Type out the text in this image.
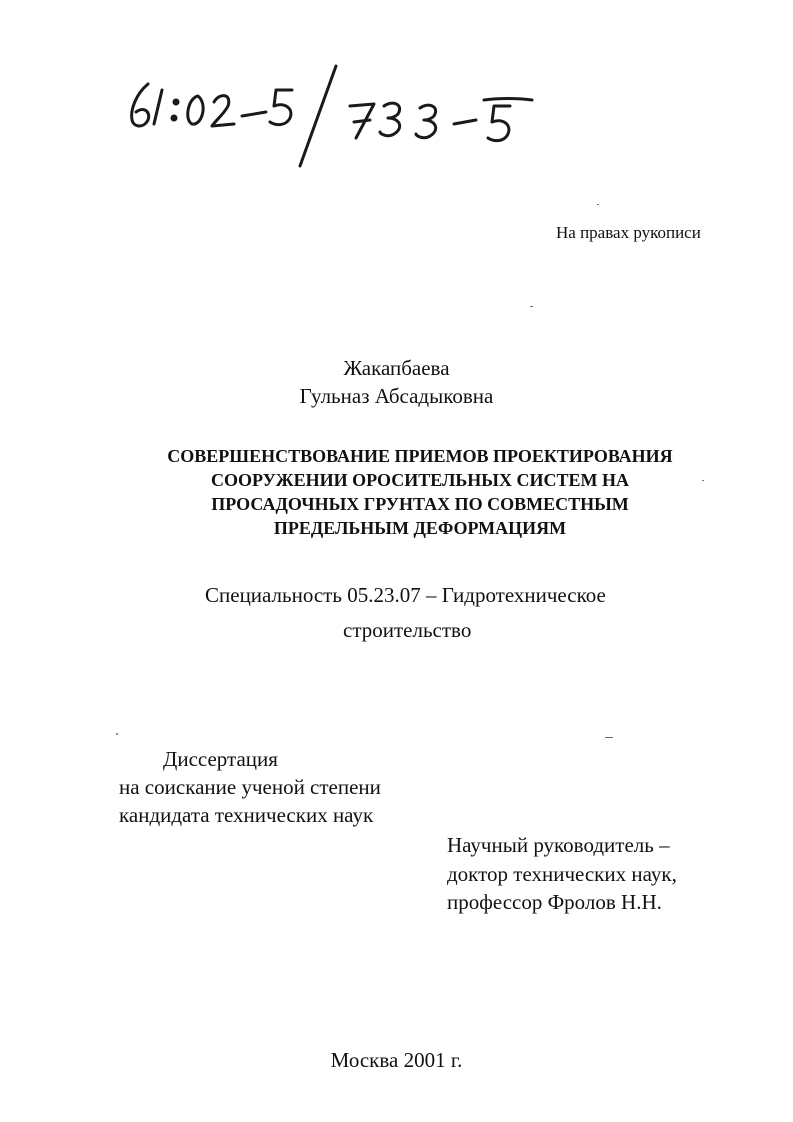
На правах рукописи
Жакапбаева
Гульназ Абсадыковна
СОВЕРШЕНСТВОВАНИЕ ПРИЕМОВ ПРОЕКТИРОВАНИЯ
СООРУЖЕНИИ ОРОСИТЕЛЬНЫХ СИСТЕМ НА
ПРОСАДОЧНЫХ ГРУНТАХ ПО СОВМЕСТНЫМ
ПРЕДЕЛЬНЫМ ДЕФОРМАЦИЯМ
Специальность 05.23.07 – Гидротехническое
строительство
Диссертация
на соискание ученой степени
кандидата технических наук
Научный руководитель –
доктор технических наук,
профессор Фролов Н.Н.
Москва 2001 г.
